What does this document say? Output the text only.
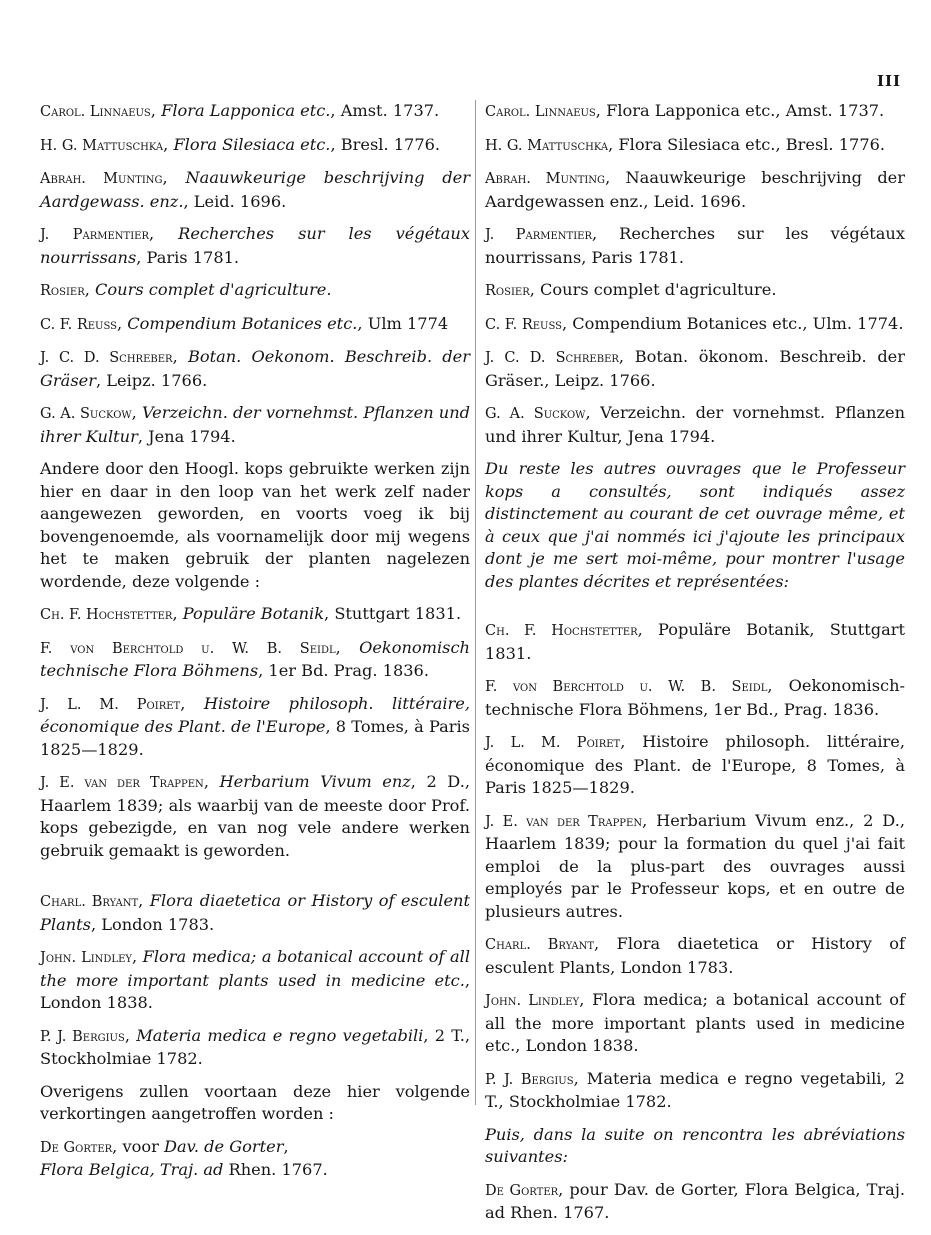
III

Carol. Linnaeus, Flora Lapponica etc., Amst. 1737.

H. G. Mattuschka, Flora Silesiaca etc., Bresl. 1776.

Abrah. Munting, Naauwkeurige beschrijving der Aardgewass. enz., Leid. 1696.

J. Parmentier, Recherches sur les végétaux nourrissans, Paris 1781.

Rosier, Cours complet d'agriculture.

C. F. Reuss, Compendium Botanices etc., Ulm 1774

J. C. D. Schreber, Botan. Oekonom. Beschreib. der Gräser, Leipz. 1766.

G. A. Suckow, Verzeichn. der vornehmst. Pflanzen und ihrer Kultur, Jena 1794.

Andere door den Hoogl. kops gebruikte werken zijn hier en daar in den loop van het werk zelf nader aangewezen geworden, en voorts voeg ik bij bovengenoemde, als voornamelijk door mij wegens het te maken gebruik der planten nagelezen wordende, deze volgende :

Ch. F. Hochstetter, Populäre Botanik, Stuttgart 1831.

F. von Berchtold u. W. B. Seidl, Oekonomisch technische Flora Böhmens, 1er Bd. Prag. 1836.

J. L. M. Poiret, Histoire philosoph. littéraire, économique des Plant. de l'Europe, 8 Tomes, à Paris 1825—1829.

J. E. van der Trappen, Herbarium Vivum enz, 2 D., Haarlem 1839; als waarbij van de meeste door Prof. kops gebezigde, en van nog vele andere werken gebruik gemaakt is geworden.

Charl. Bryant, Flora diaetetica or History of esculent Plants, London 1783.

John. Lindley, Flora medica; a botanical account of all the more important plants used in medicine etc., London 1838.

P. J. Bergius, Materia medica e regno vegetabili, 2 T., Stockholmiae 1782.

Overigens zullen voortaan deze hier volgende verkortingen aangetroffen worden :

De Gorter, voor Dav. de Gorter,

Flora Belgica, Traj. ad Rhen. 1767.

Carol. Linnaeus, Flora Lapponica etc., Amst. 1737.

H. G. Mattuschka, Flora Silesiaca etc., Bresl. 1776.

Abrah. Munting, Naauwkeurige beschrijving der Aardgewassen enz., Leid. 1696.

J. Parmentier, Recherches sur les végétaux nourrissans, Paris 1781.

Rosier, Cours complet d'agriculture.

C. F. Reuss, Compendium Botanices etc., Ulm. 1774.

J. C. D. Schreber, Botan. ökonom. Beschreib. der Gräser., Leipz. 1766.

G. A. Suckow, Verzeichn. der vornehmst. Pflanzen und ihrer Kultur, Jena 1794.

Du reste les autres ouvrages que le Professeur kops a consultés, sont indiqués assez distinctement au courant de cet ouvrage même, et à ceux que j'ai nommés ici j'ajoute les principaux dont je me sert moi-même, pour montrer l'usage des plantes décrites et représentées:

Ch. F. Hochstetter, Populäre Botanik, Stuttgart 1831.

F. von Berchtold u. W. B. Seidl, Oekonomisch-technische Flora Böhmens, 1er Bd., Prag. 1836.

J. L. M. Poiret, Histoire philosoph. littéraire, économique des Plant. de l'Europe, 8 Tomes, à Paris 1825—1829.

J. E. van der Trappen, Herbarium Vivum enz., 2 D., Haarlem 1839; pour la formation du quel j'ai fait emploi de la plus-part des ouvrages aussi employés par le Professeur kops, et en outre de plusieurs autres.

Charl. Bryant, Flora diaetetica or History of esculent Plants, London 1783.

John. Lindley, Flora medica; a botanical account of all the more important plants used in medicine etc., London 1838.

P. J. Bergius, Materia medica e regno vegetabili, 2 T., Stockholmiae 1782.

Puis, dans la suite on rencontra les abréviations suivantes:

De Gorter, pour Dav. de Gorter, Flora Belgica, Traj. ad Rhen. 1767.
